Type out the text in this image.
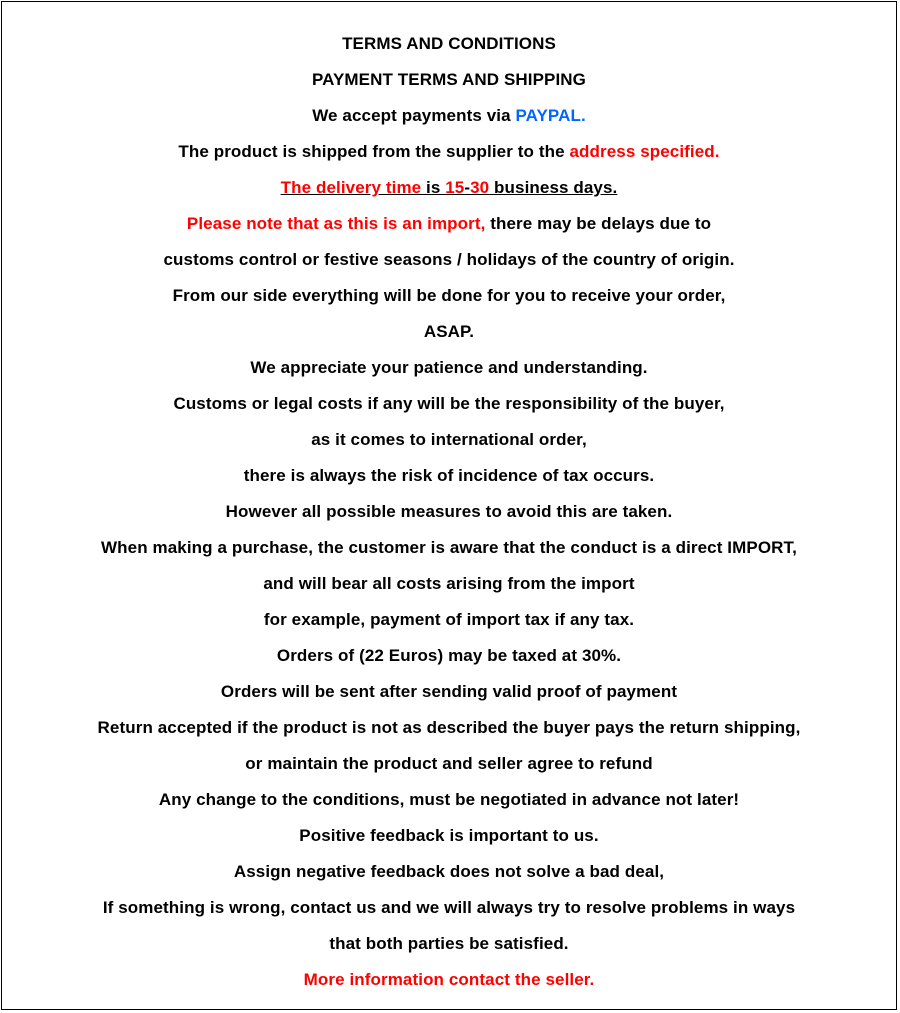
TERMS AND CONDITIONS
PAYMENT TERMS AND SHIPPING
We accept payments via PAYPAL.
The product is shipped from the supplier to the address specified.
The delivery time is 15-30 business days.
Please note that as this is an import, there may be delays due to
customs control or festive seasons / holidays of the country of origin.
From our side everything will be done for you to receive your order,
ASAP.
We appreciate your patience and understanding.
Customs or legal costs if any will be the responsibility of the buyer,
as it comes to international order,
there is always the risk of incidence of tax occurs.
However all possible measures to avoid this are taken.
When making a purchase, the customer is aware that the conduct is a direct IMPORT,
and will bear all costs arising from the import
for example, payment of import tax if any tax.
Orders of (22 Euros) may be taxed at 30%.
Orders will be sent after sending valid proof of payment
Return accepted if the product is not as described the buyer pays the return shipping,
or maintain the product and seller agree to refund
Any change to the conditions, must be negotiated in advance not later!
Positive feedback is important to us.
Assign negative feedback does not solve a bad deal,
If something is wrong, contact us and we will always try to resolve problems in ways
that both parties be satisfied.
More information contact the seller.
